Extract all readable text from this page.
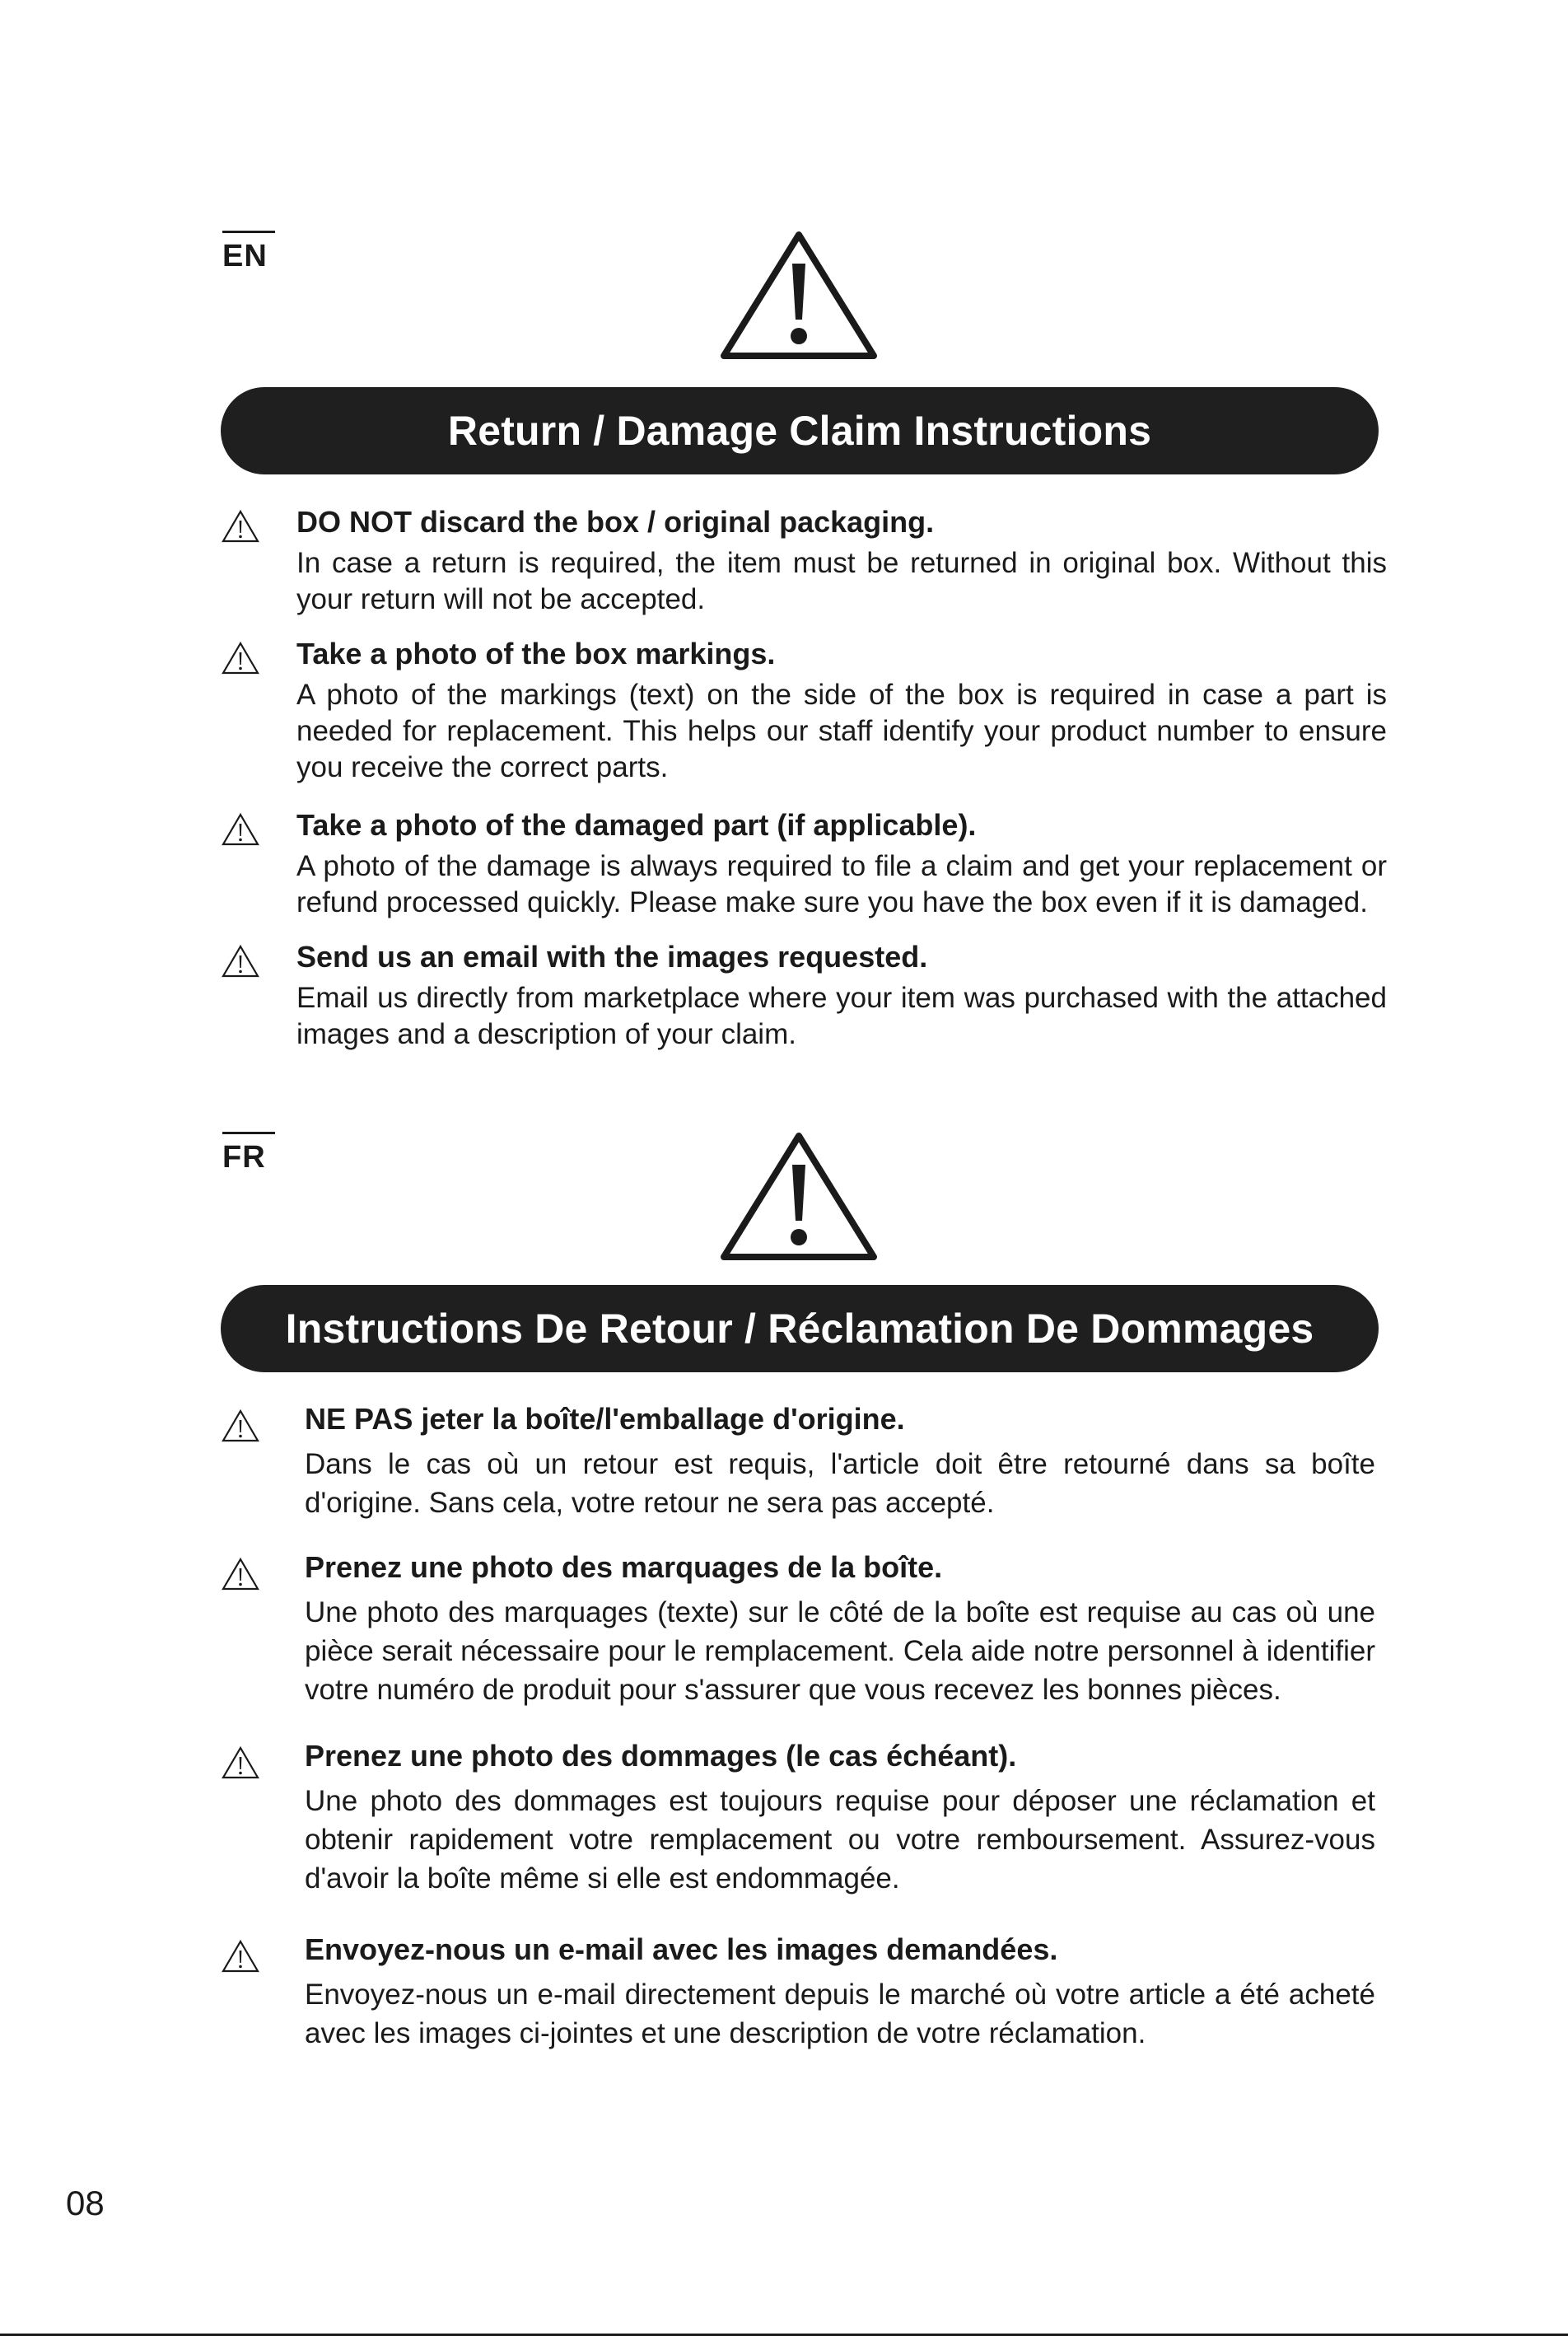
EN
Return / Damage Claim Instructions

DO NOT discard the box / original packaging.

In case a return is required, the item must be returned in original box. Without this your return will not be accepted.

Take a photo of the box markings.

A photo of the markings (text) on the side of the box is required in case a part is needed for replacement. This helps our staff identify your product number to ensure you receive the correct parts.

Take a photo of the damaged part (if applicable).

A photo of the damage is always required to file a claim and get your replacement or refund processed quickly. Please make sure you have the box even if it is damaged.

Send us an email with the images requested.

Email us directly from marketplace where your item was purchased with the attached images and a description of your claim.

FR
Instructions De Retour / Réclamation De Dommages

NE PAS jeter la boîte/l'emballage d'origine.

Dans le cas où un retour est requis, l'article doit être retourné dans sa boîte d'origine. Sans cela, votre retour ne sera pas accepté.

Prenez une photo des marquages de la boîte.

Une photo des marquages (texte) sur le côté de la boîte est requise au cas où une pièce serait nécessaire pour le remplacement. Cela aide notre personnel à identifier votre numéro de produit pour s'assurer que vous recevez les bonnes pièces.

Prenez une photo des dommages (le cas échéant).

Une photo des dommages est toujours requise pour déposer une réclamation et obtenir rapidement votre remplacement ou votre remboursement. Assurez-vous d'avoir la boîte même si elle est endommagée.

Envoyez-nous un e-mail avec les images demandées.

Envoyez-nous un e-mail directement depuis le marché où votre article a été acheté avec les images ci-jointes et une description de votre réclamation.

08
